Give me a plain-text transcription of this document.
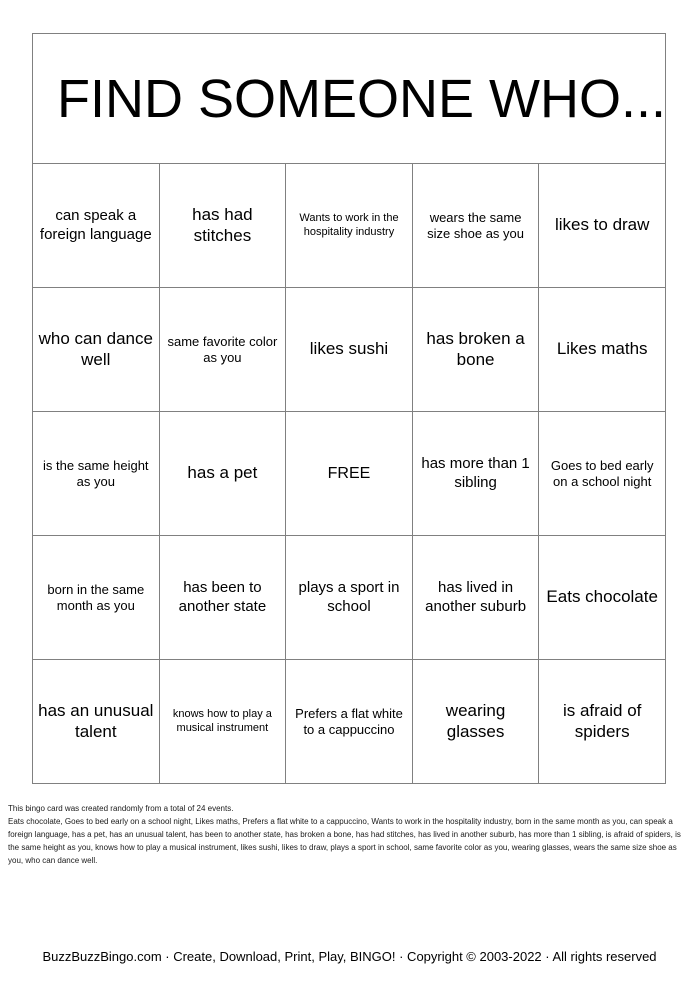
FIND SOMEONE WHO...
can speak a foreign language	has had stitches	Wants to work in the hospitality industry	wears the same size shoe as you	likes to draw
who can dance well	same favorite color as you	likes sushi	has broken a bone	Likes maths
is the same height as you	has a pet	FREE	has more than 1 sibling	Goes to bed early on a school night
born in the same month as you	has been to another state	plays a sport in school	has lived in another suburb	Eats chocolate
has an unusual talent	knows how to play a musical instrument	Prefers a flat white to a cappuccino	wearing glasses	is afraid of spiders

This bingo card was created randomly from a total of 24 events.

Eats chocolate, Goes to bed early on a school night, Likes maths, Prefers a flat white to a cappuccino, Wants to work in the hospitality industry, born in the same month as you, can speak a foreign language, has a pet, has an unusual talent, has been to another state, has broken a bone, has had stitches, has lived in another suburb, has more than 1 sibling, is afraid of spiders, is the same height as you, knows how to play a musical instrument, likes sushi, likes to draw, plays a sport in school, same favorite color as you, wearing glasses, wears the same size shoe as you, who can dance well.

BuzzBuzzBingo.com · Create, Download, Print, Play, BINGO! · Copyright © 2003-2022 · All rights reserved
